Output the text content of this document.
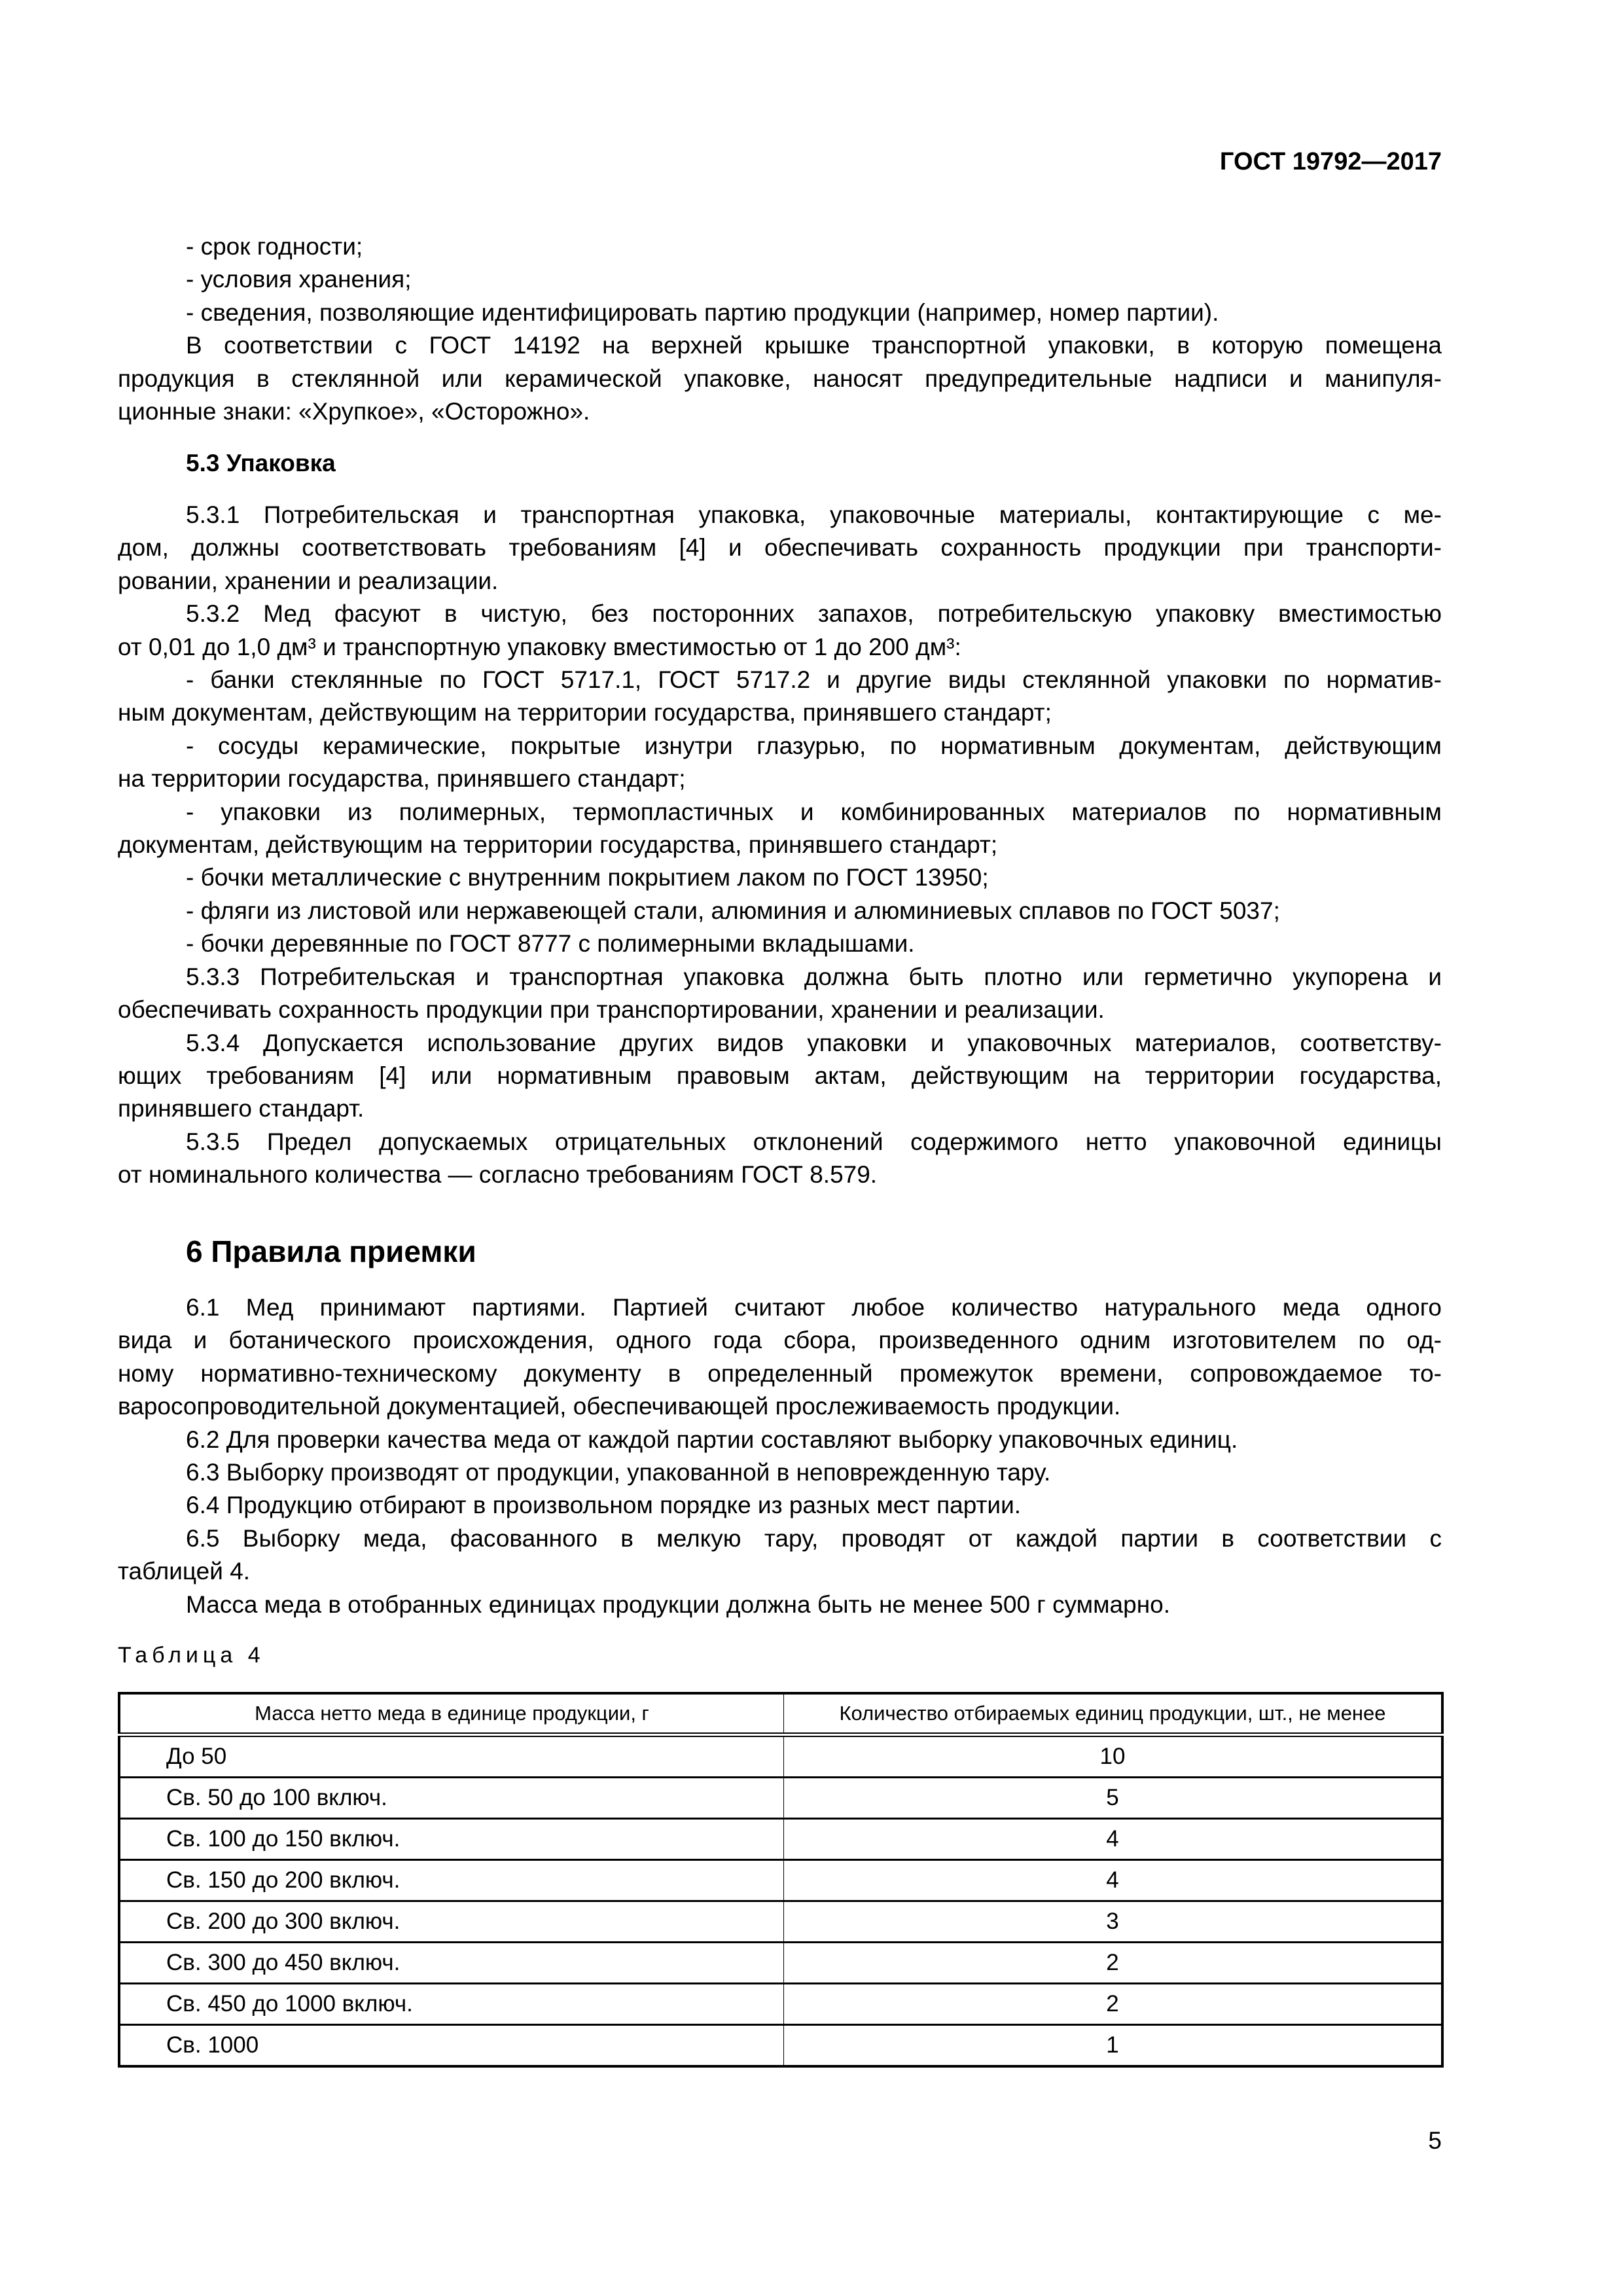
ГОСТ 19792—2017
- срок годности;
- условия хранения;
- сведения, позволяющие идентифицировать партию продукции (например, номер партии).
В соответствии с ГОСТ 14192 на верхней крышке транспортной упаковки, в которую помещена
продукция в стеклянной или керамической упаковке, наносят предупредительные надписи и манипуля-
ционные знаки: «Хрупкое», «Осторожно».
5.3 Упаковка
5.3.1 Потребительская и транспортная упаковка, упаковочные материалы, контактирующие с ме-
дом, должны соответствовать требованиям [4] и обеспечивать сохранность продукции при транспорти-
ровании, хранении и реализации.
5.3.2 Мед фасуют в чистую, без посторонних запахов, потребительскую упаковку вместимостью
от 0,01 до 1,0 дм³ и транспортную упаковку вместимостью от 1 до 200 дм³:
- банки стеклянные по ГОСТ 5717.1, ГОСТ 5717.2 и другие виды стеклянной упаковки по норматив-
ным документам, действующим на территории государства, принявшего стандарт;
- сосуды керамические, покрытые изнутри глазурью, по нормативным документам, действующим
на территории государства, принявшего стандарт;
- упаковки из полимерных, термопластичных и комбинированных материалов по нормативным
документам, действующим на территории государства, принявшего стандарт;
- бочки металлические с внутренним покрытием лаком по ГОСТ 13950;
- фляги из листовой или нержавеющей стали, алюминия и алюминиевых сплавов по ГОСТ 5037;
- бочки деревянные по ГОСТ 8777 с полимерными вкладышами.
5.3.3 Потребительская и транспортная упаковка должна быть плотно или герметично укупорена и
обеспечивать сохранность продукции при транспортировании, хранении и реализации.
5.3.4 Допускается использование других видов упаковки и упаковочных материалов, соответству-
ющих требованиям [4] или нормативным правовым актам, действующим на территории государства,
принявшего стандарт.
5.3.5 Предел допускаемых отрицательных отклонений содержимого нетто упаковочной единицы
от номинального количества — согласно требованиям ГОСТ 8.579.
6 Правила приемки
6.1 Мед принимают партиями. Партией считают любое количество натурального меда одного
вида и ботанического происхождения, одного года сбора, произведенного одним изготовителем по од-
ному нормативно-техническому документу в определенный промежуток времени, сопровождаемое то-
варосопроводительной документацией, обеспечивающей прослеживаемость продукции.
6.2 Для проверки качества меда от каждой партии составляют выборку упаковочных единиц.
6.3 Выборку производят от продукции, упакованной в неповрежденную тару.
6.4 Продукцию отбирают в произвольном порядке из разных мест партии.
6.5 Выборку меда, фасованного в мелкую тару, проводят от каждой партии в соответствии с
таблицей 4.
Масса меда в отобранных единицах продукции должна быть не менее 500 г суммарно.
Таблица 4
Масса нетто меда в единице продукции, г	Количество отбираемых единиц продукции, шт., не менее
До 50	10
Св. 50 до 100 включ.	5
Св. 100 до 150 включ.	4
Св. 150 до 200 включ.	4
Св. 200 до 300 включ.	3
Св. 300 до 450 включ.	2
Св. 450 до 1000 включ.	2
Св. 1000	1
5
